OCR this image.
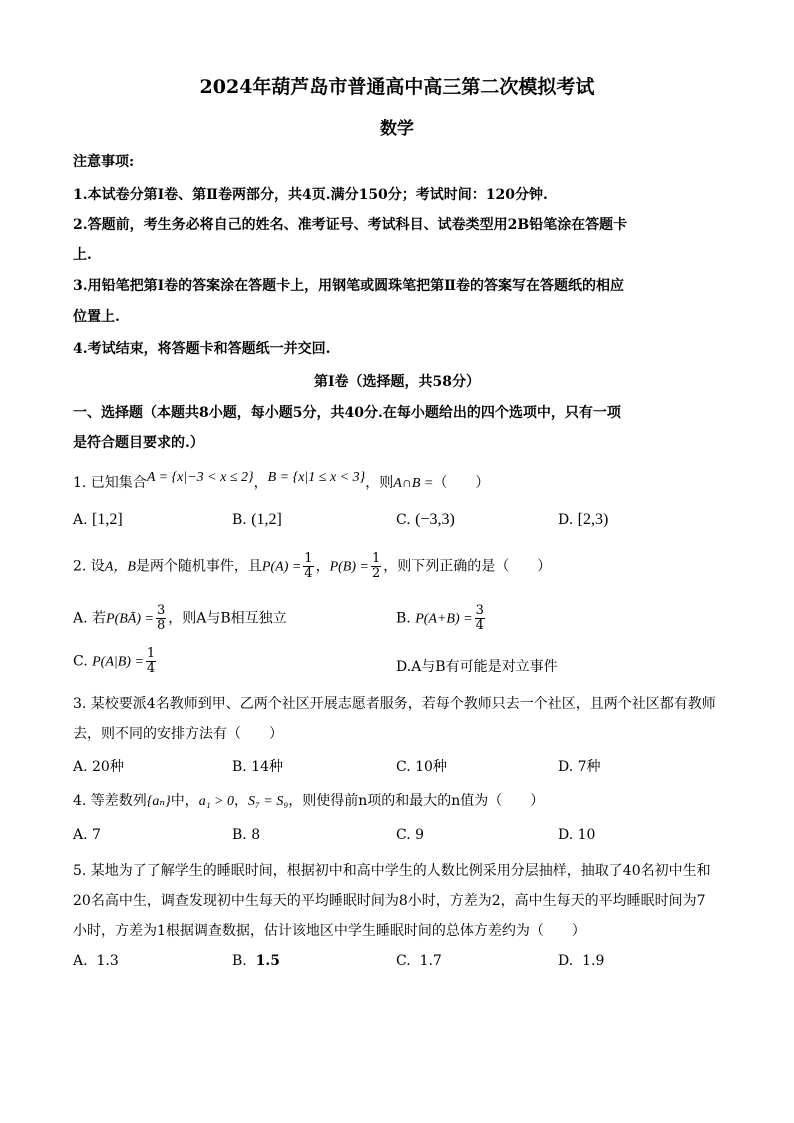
2024年葫芦岛市普通高中高三第二次模拟考试
数学
注意事项:
1.本试卷分第Ⅰ卷、第Ⅱ卷两部分，共4页.满分150分；考试时间：120分钟.
2.答题前，考生务必将自己的姓名、准考证号、考试科目、试卷类型用2B铅笔涂在答题卡
上.
3.用铅笔把第Ⅰ卷的答案涂在答题卡上，用钢笔或圆珠笔把第Ⅱ卷的答案写在答题纸的相应
位置上.
4.考试结束，将答题卡和答题纸一并交回.
第Ⅰ卷（选择题，共58分）
一、选择题（本题共8小题，每小题5分，共40分.在每小题给出的四个选项中，只有一项
是符合题目要求的.）
1. 已知集合A = {x|−3 < x ≤ 2}，B = {x|1 ≤ x < 3}，则A∩B =（　　）
A. [1,2]	B. (1,2]	C. (−3,3)	D. [2,3)
2. 设A，B是两个随机事件，且$P(A) = \frac{1}{4}$ ，$P(B) = \frac{1}{2}$ ，则下列正确的是（　　）
A. 若P(BĀ) = $\frac{3}{8}$ ，则A与B相互独立	B. $P(A+B) = \frac{3}{4}$
C. $P(A|B) = \frac{1}{4}$	D.A与B有可能是对立事件
3. 某校要派4名教师到甲、乙两个社区开展志愿者服务，若每个教师只去一个社区，且两个社区都有教师
去，则不同的安排方法有（　　）
A. 20种	B. 14种	C. 10种	D. 7种
4. 等差数列{aₙ}中，a₁ > 0，S₇ = S₉，则使得前n项的和最大的n值为（　　）
A. 7	B. 8	C. 9	D. 10
5. 某地为了了解学生的睡眠时间，根据初中和高中学生的人数比例采用分层抽样，抽取了40名初中生和
20名高中生，调查发现初中生每天的平均睡眠时间为8小时，方差为2，高中生每天的平均睡眠时间为7
小时，方差为1根据调查数据，估计该地区中学生睡眠时间的总体方差约为（　　）
A. 1.3	B. 1.5	C. 1.7	D. 1.9
